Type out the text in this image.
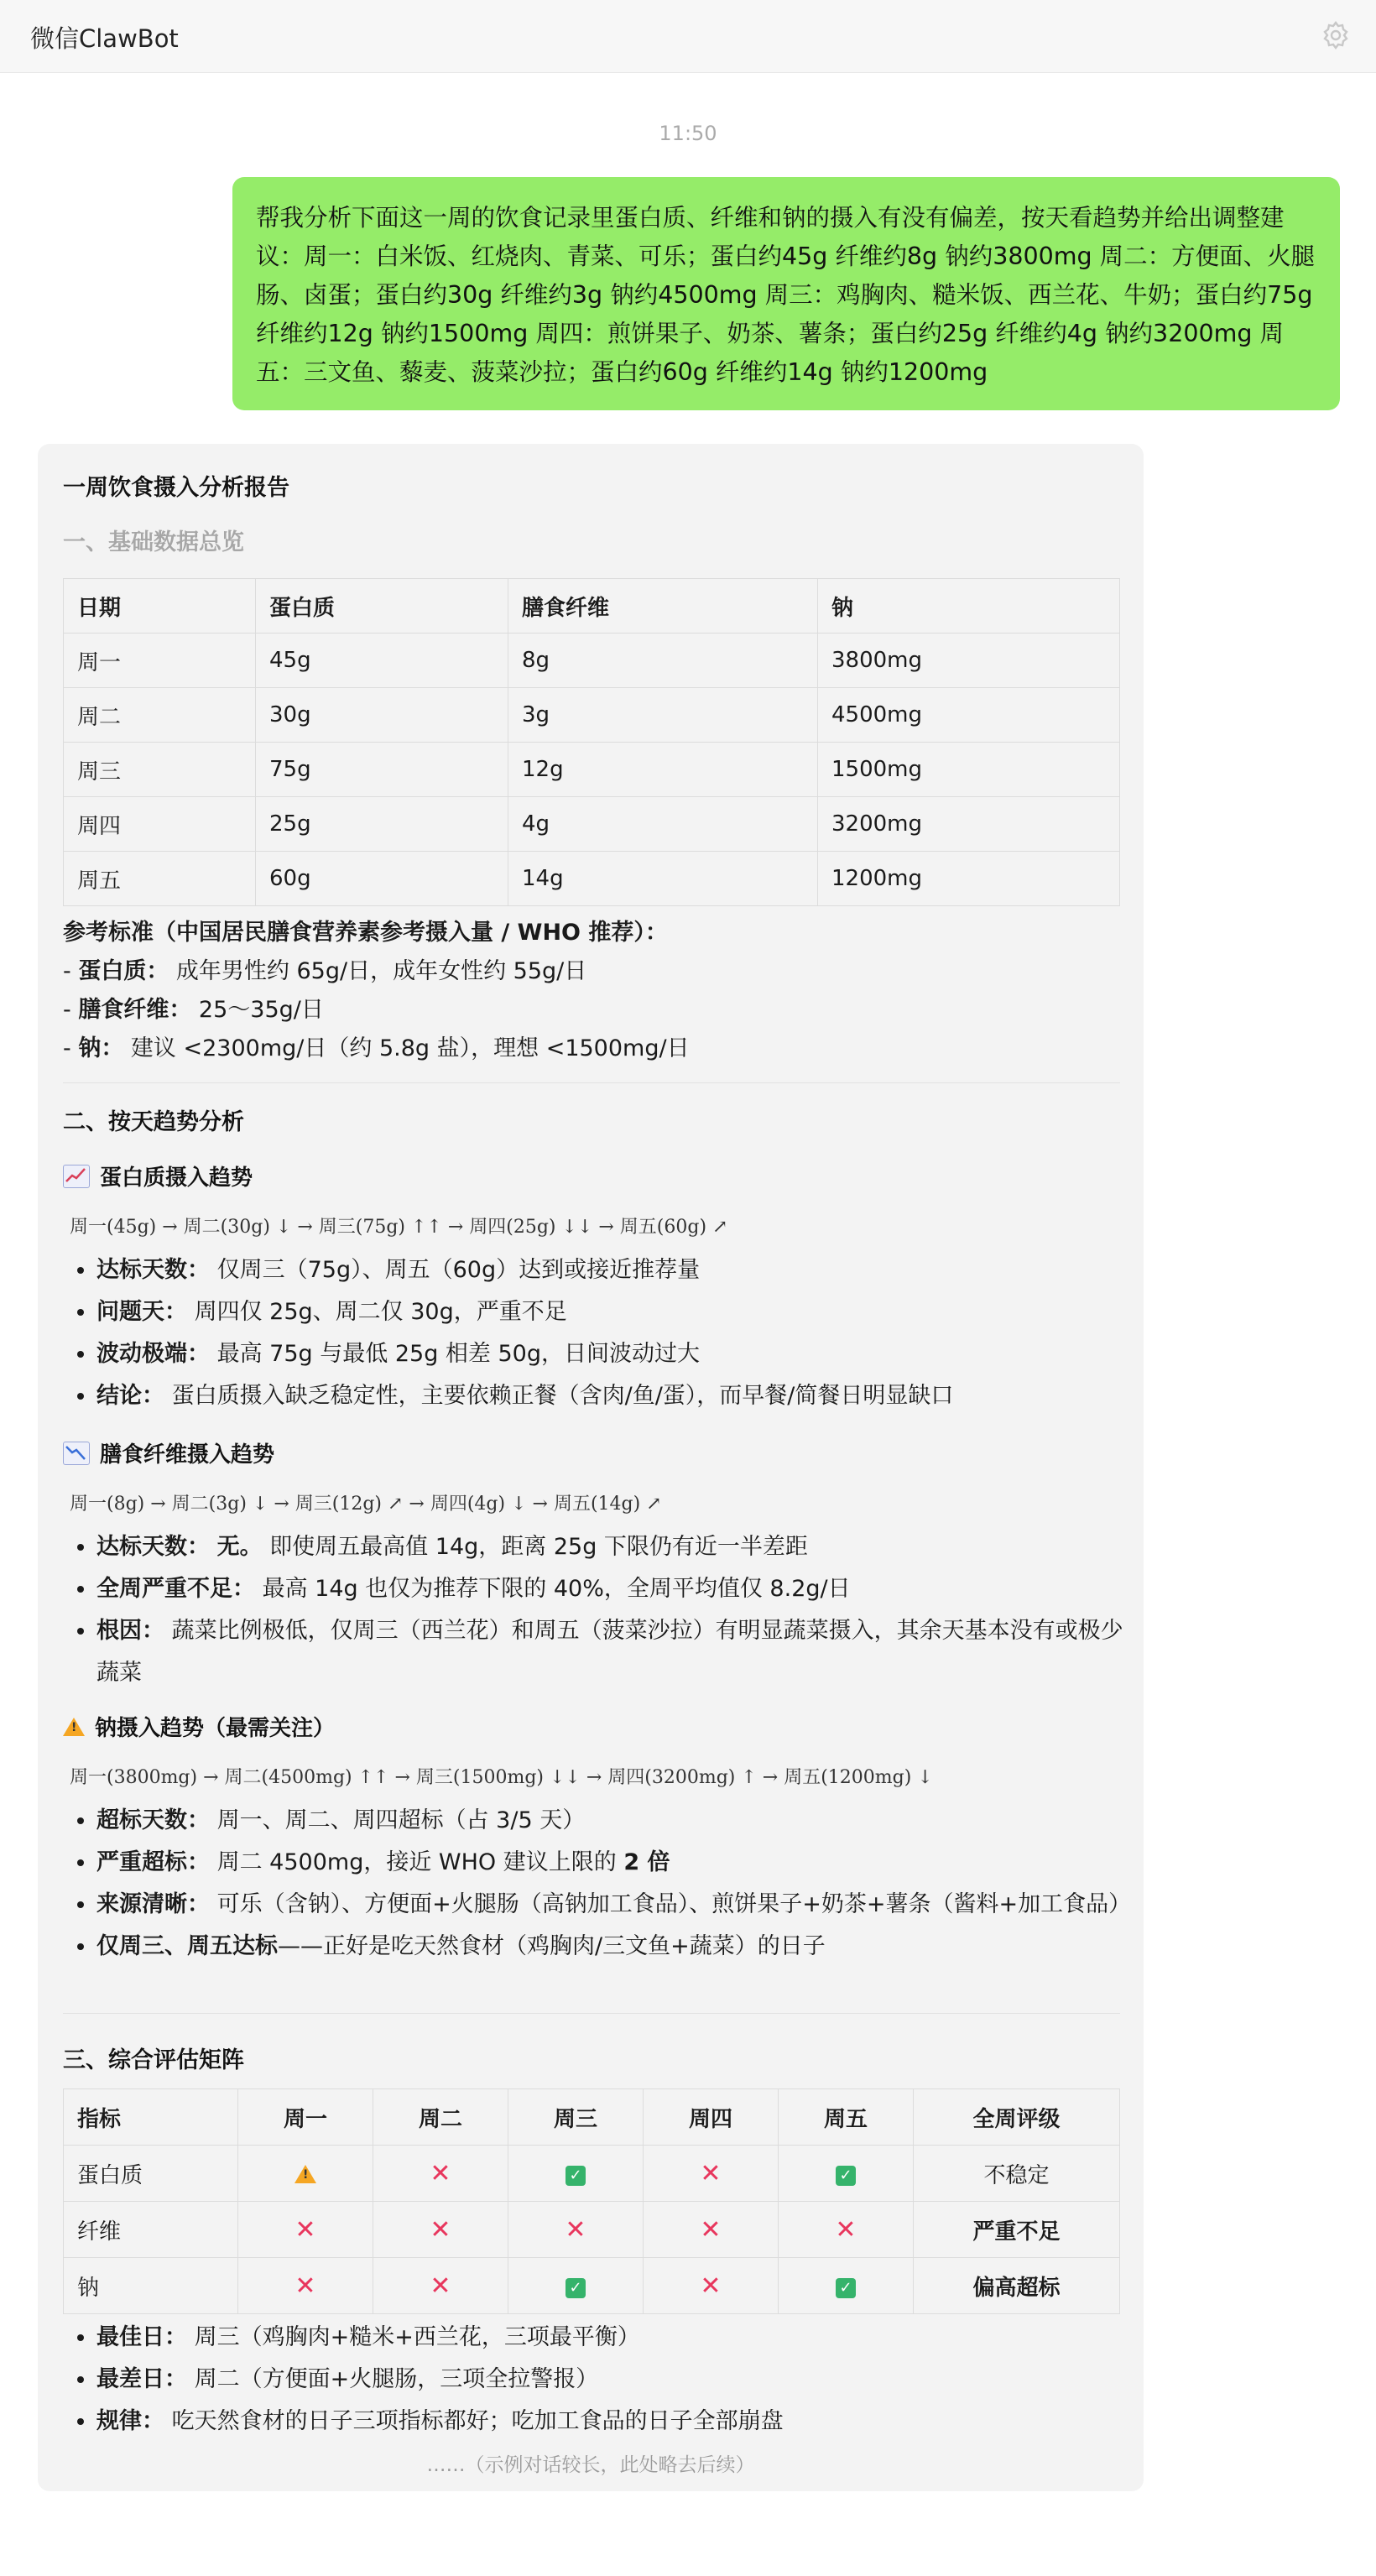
微信ClawBot
11:50
帮我分析下面这一周的饮食记录里蛋白质、纤维和钠的摄入有没有偏差，按天看趋势并给出调整建议：周一：白米饭、红烧肉、青菜、可乐；蛋白约45g 纤维约8g 钠约3800mg 周二：方便面、火腿肠、卤蛋；蛋白约30g 纤维约3g 钠约4500mg 周三：鸡胸肉、糙米饭、西兰花、牛奶；蛋白约75g 纤维约12g 钠约1500mg 周四：煎饼果子、奶茶、薯条；蛋白约25g 纤维约4g 钠约3200mg 周五：三文鱼、藜麦、菠菜沙拉；蛋白约60g 纤维约14g 钠约1200mg
一周饮食摄入分析报告
一、基础数据总览
日期	蛋白质	膳食纤维	钠
周一	45g	8g	3800mg
周二	30g	3g	4500mg
周三	75g	12g	1500mg
周四	25g	4g	3200mg
周五	60g	14g	1200mg
参考标准（中国居民膳食营养素参考摄入量 / WHO 推荐）：
- 蛋白质： 成年男性约 65g/日，成年女性约 55g/日
- 膳食纤维： 25～35g/日
- 钠： 建议 <2300mg/日（约 5.8g 盐），理想 <1500mg/日
二、按天趋势分析
蛋白质摄入趋势
周一(45g) → 周二(30g) ↓ → 周三(75g) ↑↑ → 周四(25g) ↓↓ → 周五(60g) ↗
• 达标天数： 仅周三（75g）、周五（60g）达到或接近推荐量
• 问题天： 周四仅 25g、周二仅 30g，严重不足
• 波动极端： 最高 75g 与最低 25g 相差 50g，日间波动过大
• 结论： 蛋白质摄入缺乏稳定性，主要依赖正餐（含肉/鱼/蛋），而早餐/简餐日明显缺口
膳食纤维摄入趋势
周一(8g) → 周二(3g) ↓ → 周三(12g) ↗ → 周四(4g) ↓ → 周五(14g) ↗
• 达标天数： 无。 即使周五最高值 14g，距离 25g 下限仍有近一半差距
• 全周严重不足： 最高 14g 也仅为推荐下限的 40%，全周平均值仅 8.2g/日
• 根因： 蔬菜比例极低，仅周三（西兰花）和周五（菠菜沙拉）有明显蔬菜摄入，其余天基本没有或极少蔬菜
! 钠摄入趋势（最需关注）
周一(3800mg) → 周二(4500mg) ↑↑ → 周三(1500mg) ↓↓ → 周四(3200mg) ↑ → 周五(1200mg) ↓
• 超标天数： 周一、周二、周四超标（占 3/5 天）
• 严重超标： 周二 4500mg，接近 WHO 建议上限的 2 倍
• 来源清晰： 可乐（含钠）、方便面+火腿肠（高钠加工食品）、煎饼果子+奶茶+薯条（酱料+加工食品）
• 仅周三、周五达标——正好是吃天然食材（鸡胸肉/三文鱼+蔬菜）的日子
三、综合评估矩阵
指标	周一	周二	周三	周四	周五	全周评级
蛋白质	!	✕	✓	✕	✓	不稳定
纤维	✕	✕	✕	✕	✕	严重不足
钠	✕	✕	✓	✕	✓	偏高超标
• 最佳日： 周三（鸡胸肉+糙米+西兰花，三项最平衡）
• 最差日： 周二（方便面+火腿肠，三项全拉警报）
• 规律： 吃天然食材的日子三项指标都好；吃加工食品的日子全部崩盘
……（示例对话较长，此处略去后续）
